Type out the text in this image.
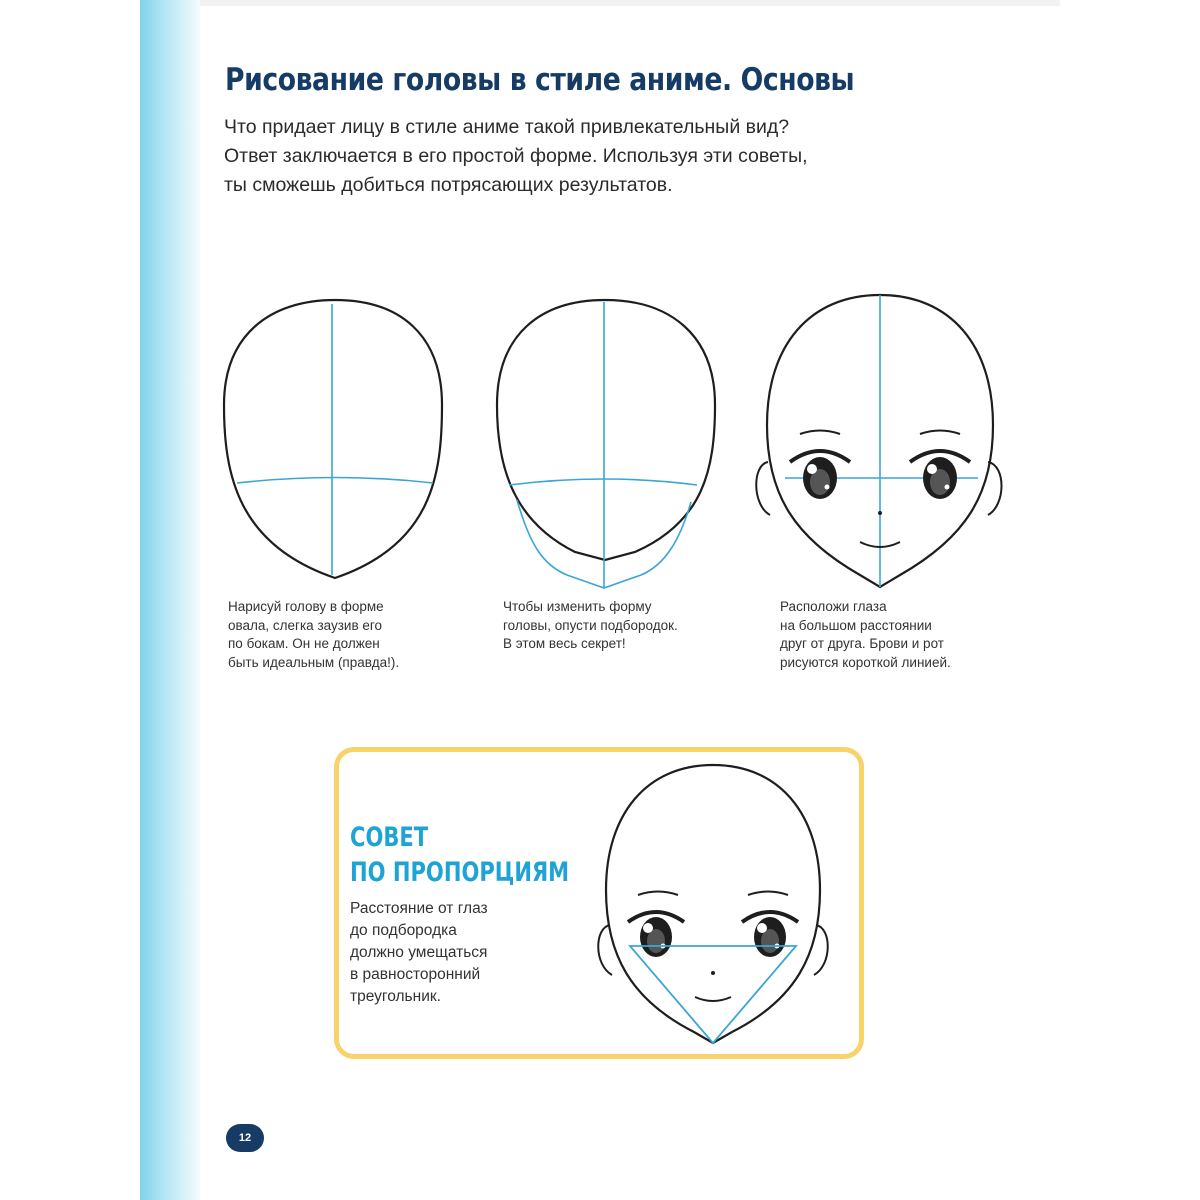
Рисование головы в стиле аниме. Основы
Что придает лицу в стиле аниме такой привлекательный вид?
Ответ заключается в его простой форме. Используя эти советы,
ты сможешь добиться потрясающих результатов.
Нарисуй голову в форме
овала, слегка заузив его
по бокам. Он не должен
быть идеальным (правда!).
Чтобы изменить форму
головы, опусти подбородок.
В этом весь секрет!
Расположи глаза
на большом расстоянии
друг от друга. Брови и рот
рисуются короткой линией.
СОВЕТ
ПО ПРОПОРЦИЯМ
Расстояние от глаз
до подбородка
должно умещаться
в равносторонний
треугольник.
12
